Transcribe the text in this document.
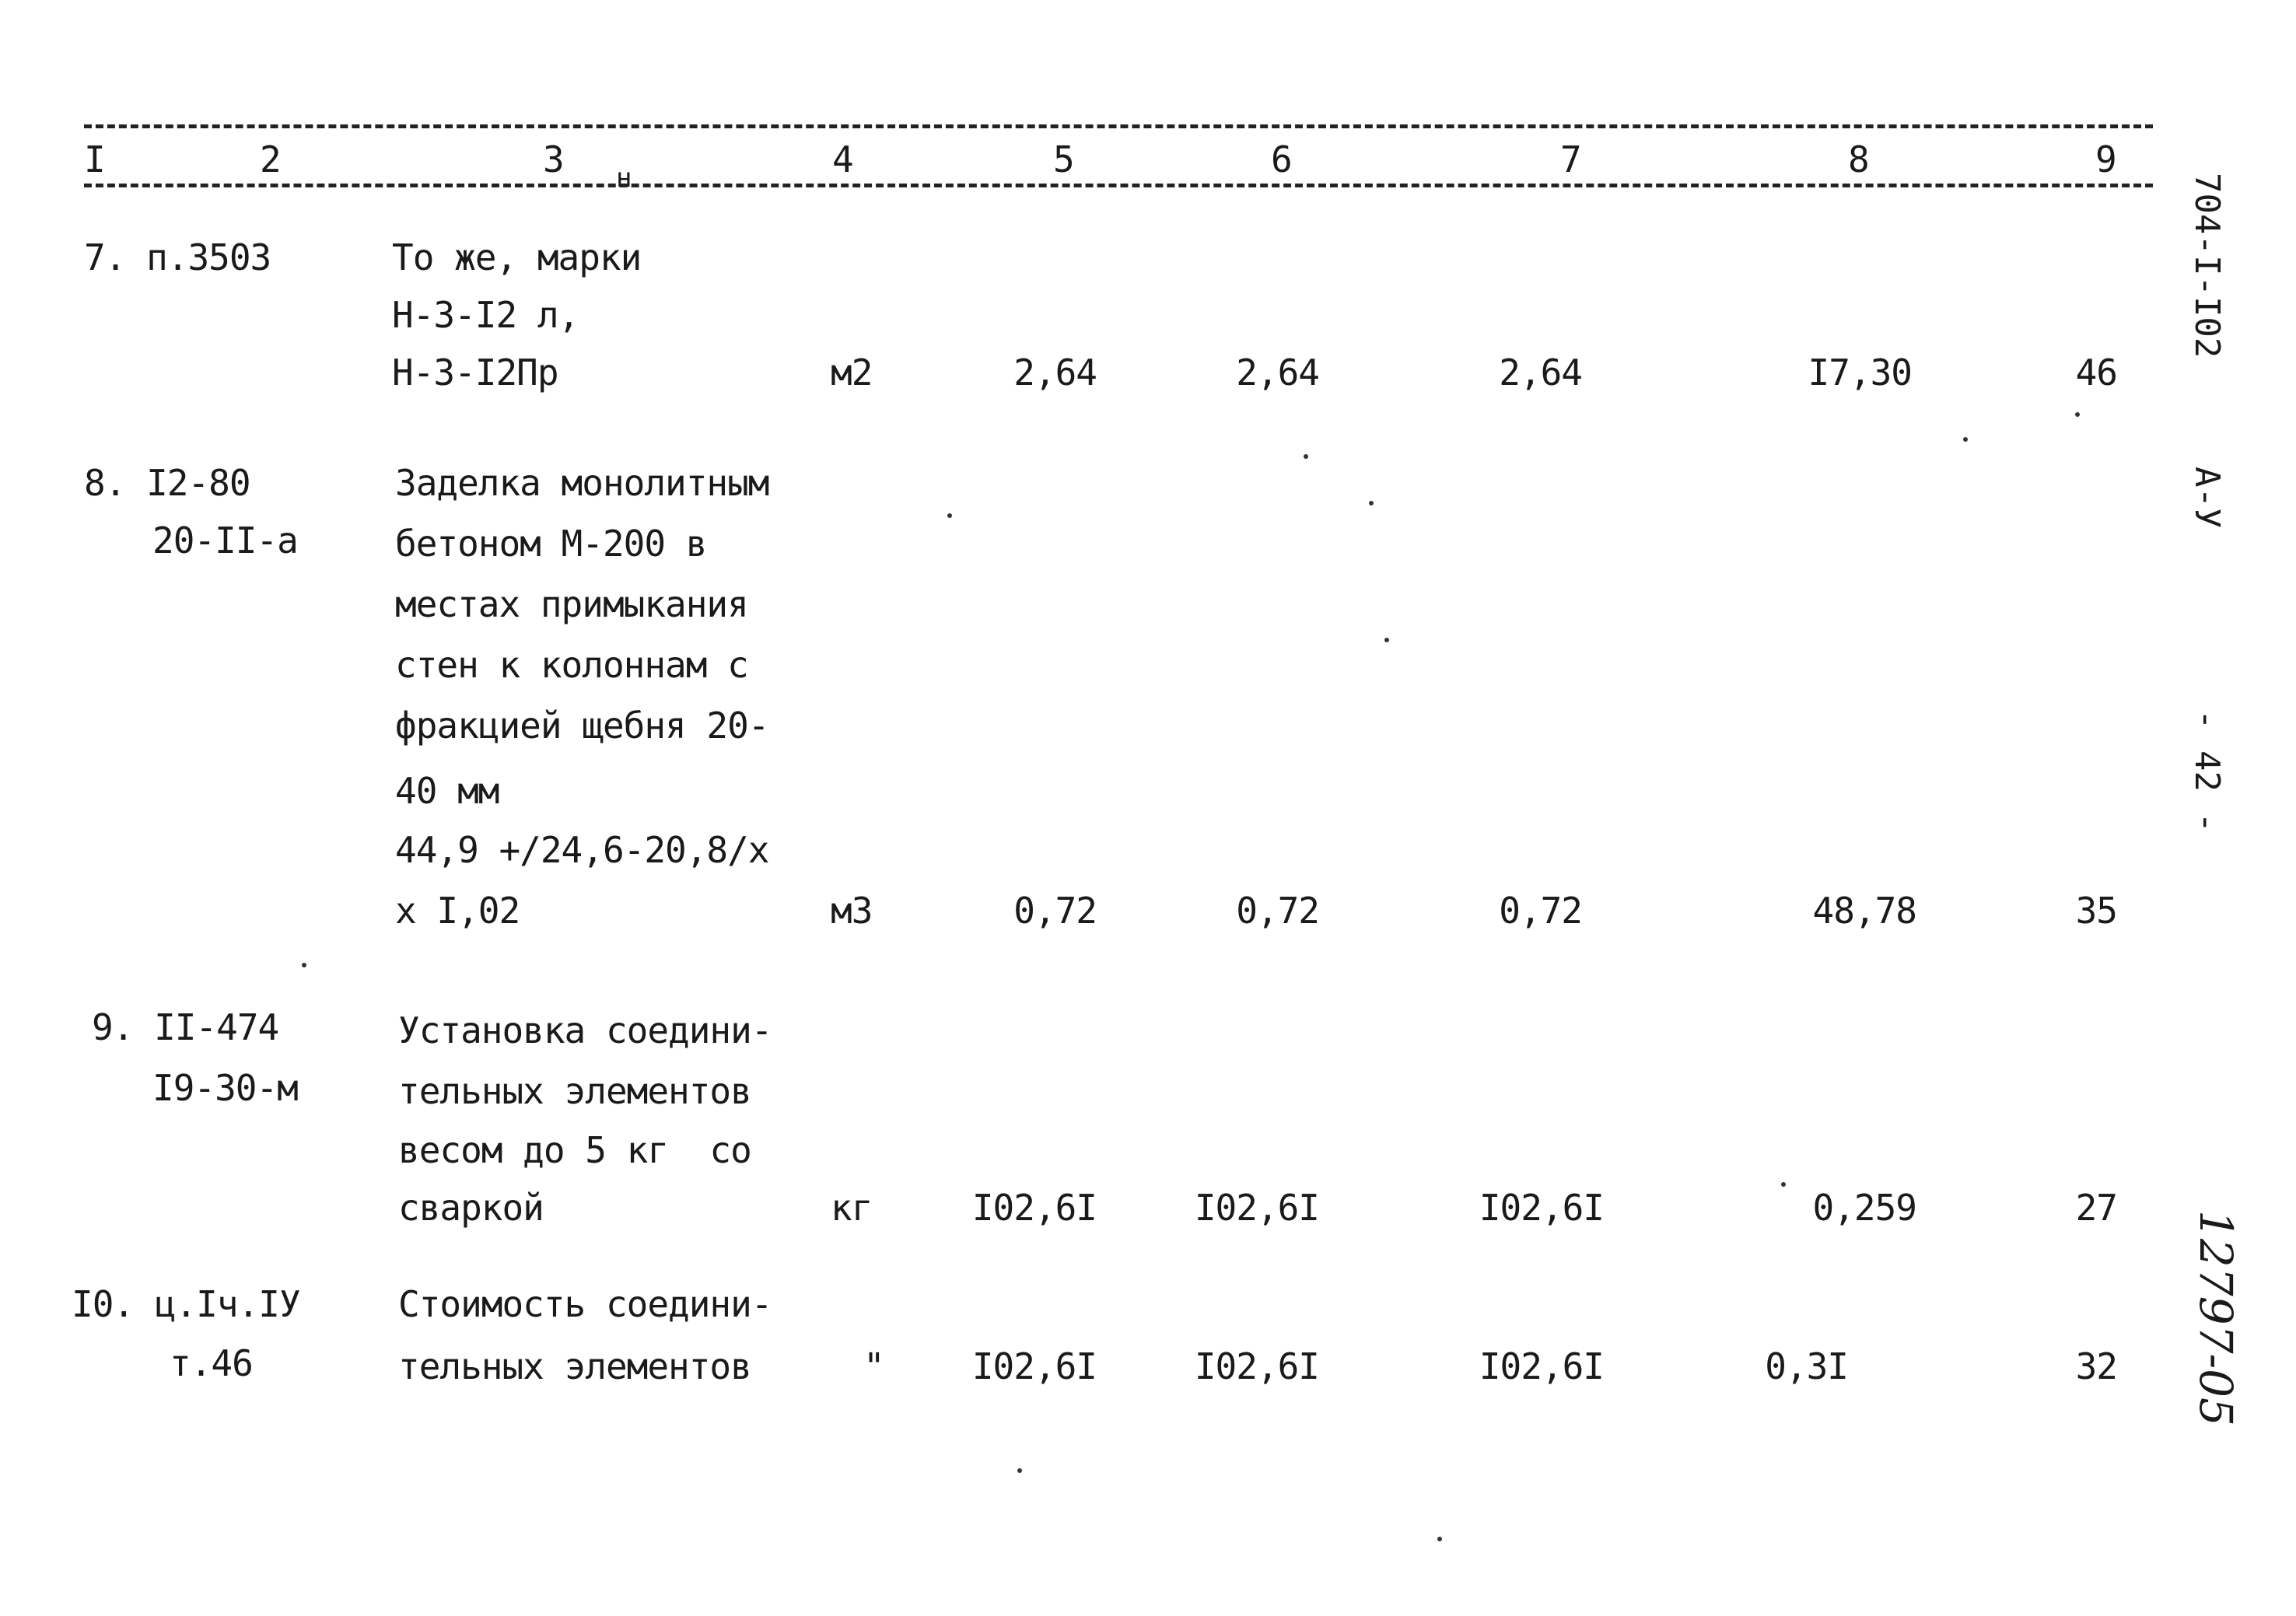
I	2	3 н	4	5	6	7	8	9
7. п.3503	То же, марки
Н-3-I2 л,
Н-3-I2Пр	м2	2,64	2,64	2,64	I7,30	46
8. I2-80
20-II-а
Заделка монолитным
бетоном М-200 в
местах примыкания
стен к колоннам с
фракцией щебня 20-
40 мм
44,9 +/24,6-20,8/х
х I,02	м3	0,72	0,72	0,72	48,78	35
9. II-474
I9-30-м
Установка соедини-
тельных элементов
весом до 5 кг  со
сваркой	кг	I02,6I	I02,6I	I02,6I	0,259	27
I0. ц.Iч.IУ
т.46
Стоимость соедини-
тельных элементов	"	I02,6I	I02,6I	I02,6I	0,3I	32
704-I-I02
А-У
- 42 -
12797-05
